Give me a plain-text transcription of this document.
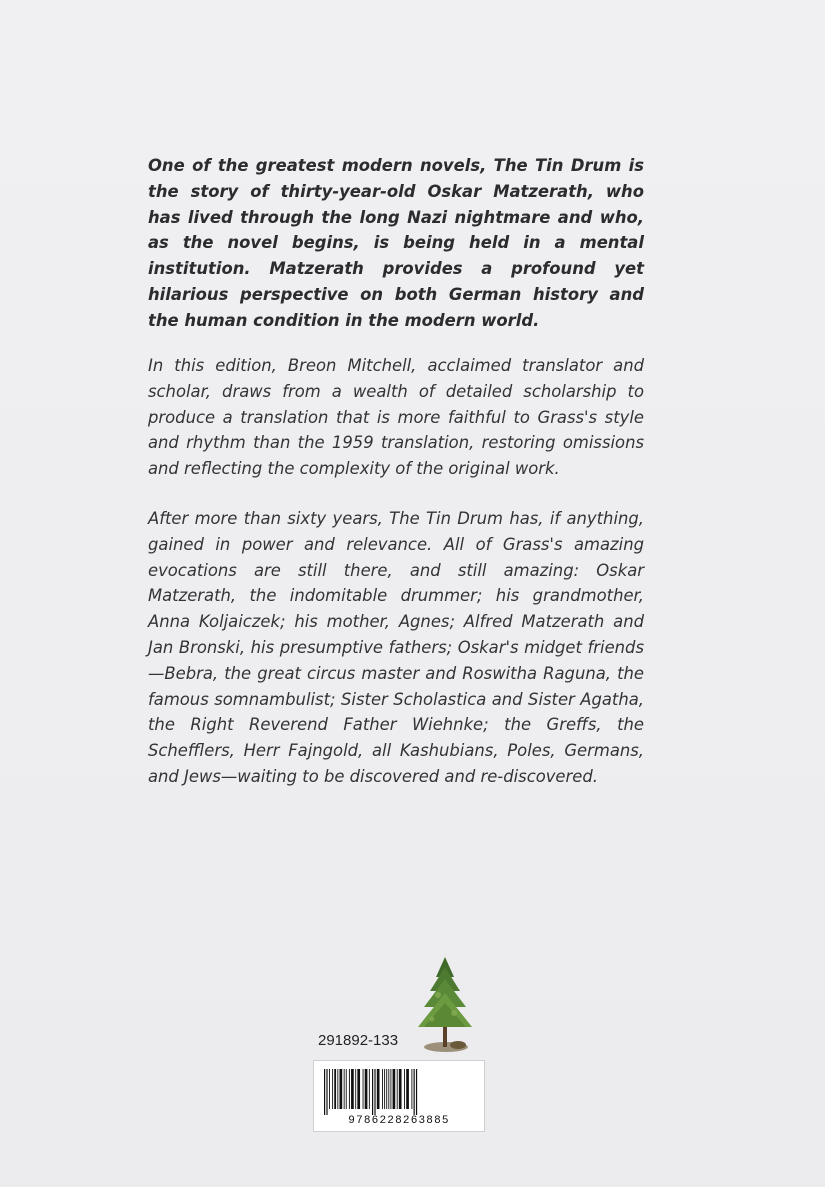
One of the greatest modern novels, The Tin Drum is the story of thirty-year-old Oskar Matzerath, who has lived through the long Nazi nightmare and who, as the novel begins, is being held in a mental institution. Matzerath provides a profound yet hilarious perspective on both German history and the human condition in the modern world.

In this edition, Breon Mitchell, acclaimed translator and scholar, draws from a wealth of detailed scholarship to produce a translation that is more faithful to Grass's style and rhythm than the 1959 translation, restoring omissions and reflecting the complexity of the original work.

After more than sixty years, The Tin Drum has, if anything, gained in power and relevance. All of Grass's amazing evocations are still there, and still amazing: Oskar Matzerath, the indomitable drummer; his grandmother, Anna Koljaiczek; his mother, Agnes; Alfred Matzerath and Jan Bronski, his presumptive fathers; Oskar's midget friends—Bebra, the great circus master and Roswitha Raguna, the famous somnambulist; Sister Scholastica and Sister Agatha, the Right Reverend Father Wiehnke; the Greffs, the Schefflers, Herr Fajngold, all Kashubians, Poles, Germans, and Jews—waiting to be discovered and re-discovered.

291892-133
9786228263885
